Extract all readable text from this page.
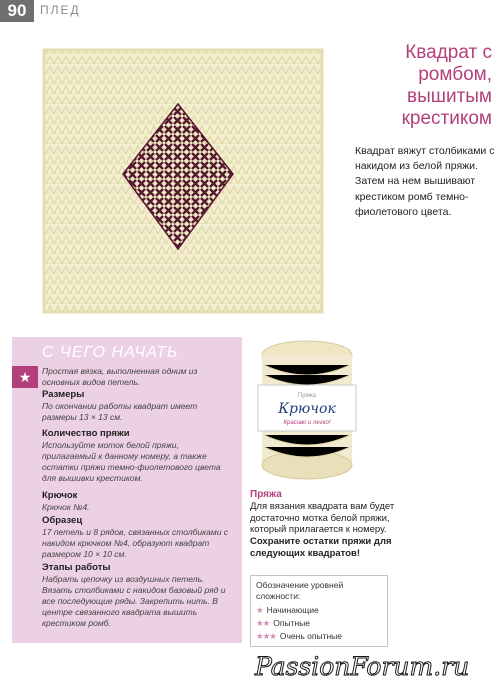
90	ПЛЕД
Квадрат с ромбом, вышитым крестиком
Квадрат вяжут столбиками с накидом из белой пряжи. Затем на нем вышивают крестиком ромб темно-фиолетового цвета.
С ЧЕГО НАЧАТЬ
★	Простая вязка, выполненная одним из основных видов петель.
Размеры
По окончании работы квадрат имеет размеры 13 × 13 см.
Количество пряжи
Используйте моток белой пряжи, прилагаемый к данному номеру, а также остатки пряжи темно-фиолетового цвета для вышивки крестиком.
Крючок
Крючок №4.
Образец
17 петель и 8 рядов, связанных столбиками с накидом крючком №4, образуют квадрат размером 10 × 10 см.
Этапы работы
Набрать цепочку из воздушных петель. Вязать столбиками с накидом базовый ряд и все последующие ряды. Закрепить нить. В центре связанного квадрата вышить крестиком ромб.
Пряжа
Крючок
Красиво и легко!
Пряжа
Для вязания квадрата вам будет достаточно мотка белой пряжи, который прилагается к номеру.
Сохраните остатки пряжи для следующих квадратов!
Обозначение уровней сложности:
★ Начинающие
★★ Опытные
★★★ Очень опытные
PassionForum.ru
